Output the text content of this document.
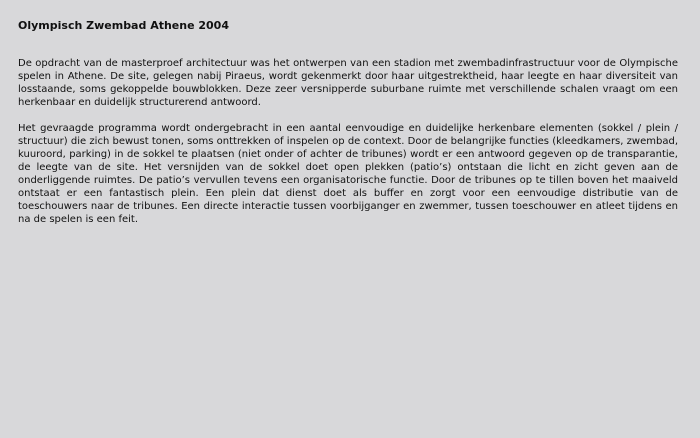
Olympisch Zwembad Athene 2004

De opdracht van de masterproef architectuur was het ontwerpen van een stadion met zwembadinfrastructuur voor de Olympische spelen in Athene. De site, gelegen nabij Piraeus, wordt gekenmerkt door haar uitgestrektheid, haar leegte en haar diversiteit van losstaande, soms gekoppelde bouwblokken. Deze zeer versnipperde suburbane ruimte met verschillende schalen vraagt om een herkenbaar en duidelijk structurerend antwoord.

Het gevraagde programma wordt ondergebracht in een aantal eenvoudige en duidelijke herkenbare elementen (sokkel / plein / structuur) die zich bewust tonen, soms onttrekken of inspelen op de context. Door de belangrijke functies (kleedkamers, zwembad, kuuroord, parking) in de sokkel te plaatsen (niet onder of achter de tribunes) wordt er een antwoord gegeven op de transparantie, de leegte van de site. Het versnijden van de sokkel doet open plekken (patio’s) ontstaan die licht en zicht geven aan de onderliggende ruimtes. De patio’s vervullen tevens een organisatorische functie. Door de tribunes op te tillen boven het maaiveld ontstaat er een fantastisch plein. Een plein dat dienst doet als buffer en zorgt voor een eenvoudige distributie van de toeschouwers naar de tribunes. Een directe interactie tussen voorbijganger en zwemmer, tussen toeschouwer en atleet tijdens en na de spelen is een feit.
